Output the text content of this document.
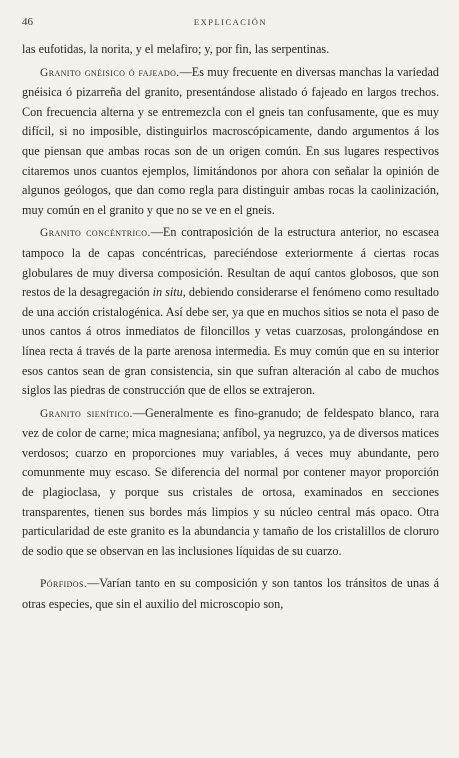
46	EXPLICACIÓN

las eufotidas, la norita, y el melafiro; y, por fin, las serpentinas.

Granito gnéisico ó fajeado.—Es muy frecuente en diversas manchas la variedad gnéisica ó pizarreña del granito, presentándose alistado ó fajeado en largos trechos. Con frecuencia alterna y se entremezcla con el gneis tan confusamente, que es muy difícil, si no imposible, distinguirlos macroscópicamente, dando argumentos á los que piensan que ambas rocas son de un origen común. En sus lugares respectivos citaremos unos cuantos ejemplos, limitándonos por ahora con señalar la opinión de algunos geólogos, que dan como regla para distinguir ambas rocas la caolinización, muy común en el granito y que no se ve en el gneis.

Granito concéntrico.—En contraposición de la estructura anterior, no escasea tampoco la de capas concéntricas, pareciéndose exteriormente á ciertas rocas globulares de muy diversa composición. Resultan de aquí cantos globosos, que son restos de la desagregación in situ, debiendo considerarse el fenómeno como resultado de una acción cristalogénica. Así debe ser, ya que en muchos sitios se nota el paso de unos cantos á otros inmediatos de filoncillos y vetas cuarzosas, prolongándose en línea recta á través de la parte arenosa intermedia. Es muy común que en su interior esos cantos sean de gran consistencia, sin que sufran alteración al cabo de muchos siglos las piedras de construcción que de ellos se extrajeron.

Granito sienítico.—Generalmente es fino-granudo; de feldespato blanco, rara vez de color de carne; mica magnesiana; anfíbol, ya negruzco, ya de diversos matices verdosos; cuarzo en proporciones muy variables, á veces muy abundante, pero comunmente muy escaso. Se diferencia del normal por contener mayor proporción de plagioclasa, y porque sus cristales de ortosa, examinados en secciones transparentes, tienen sus bordes más limpios y su núcleo central más opaco. Otra particularidad de este granito es la abundancia y tamaño de los cristalillos de cloruro de sodio que se observan en las inclusiones líquidas de su cuarzo.

Pórfidos.—Varían tanto en su composición y son tantos los tránsitos de unas á otras especies, que sin el auxilio del microscopio son,
